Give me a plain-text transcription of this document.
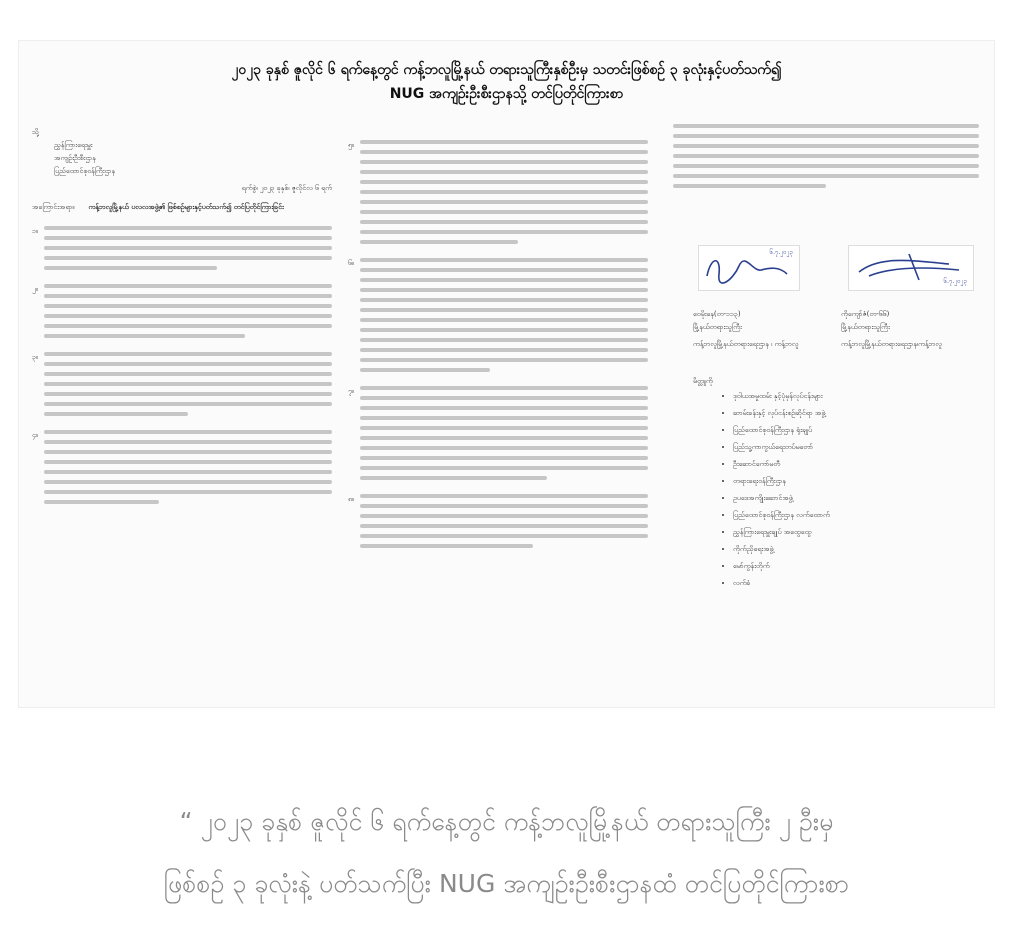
၂၀၂၃ ခုနှစ် ဇူလိုင် ၆ ရက်နေ့တွင် ကန့်ဘလူမြို့နယ် တရားသူကြီးနှစ်ဦးမှ သတင်းဖြစ်စဉ် ၃ ခုလုံးနှင့်ပတ်သက်၍
NUG အကျဉ်းဦးစီးဌာနသို့ တင်ပြတိုင်ကြားစာ
သို့
ညွှန်ကြားရေးမှူး
အကျဉ်းဦးစီးဌာန
ပြည်ထောင်စုဝန်ကြီးဌာန
ရက်စွဲ၊ ၂၀၂၃ ခုနှစ်၊ ဇူလိုင်လ ၆ ရက်
အကြောင်းအရာ။ ကန့်ဘလူမြို့နယ် ပလလအဖွဲ့၏ ဖြစ်စဉ်များနှင့်ပတ်သက်၍ တင်ပြတိုင်ကြားခြင်း
၁။
၂။
၃။
၄။
၅။
၆။
၇။
၈။
၆.၇.၂၀၂၃
၆.၇.၂၀၂၃
ဝေမိုးနေ(တ-၁၁၃)
မြို့နယ်တရားသူကြီး
ကန့်ဘလူမြို့နယ်တရားရေးဌာန ၊ ကန့်ဘလူ
ကိုကျော်ဇံ(တ-၆၆)
မြို့နယ်တရားသူကြီး
ကန့်ဘလူမြို့နယ်တရားရေးဌာန၊ကန့်ဘလူ
မိတ္တူကို
• ဒုဝါယအမှုထမ်း နှင့်ပုံမှန်လုပ်ငန်းများ
• ဆာမ်းခန်းနှင့် လုပ်ငန်းစဉ်ဆိုင်ရာ အဖွဲ့
• ပြည်ထောင်စုဝန်ကြီးဌာန ရုံးချုပ်
• ပြည်သူ့ကာကွယ်ရေးတပ်မတော်
• ဦးဆောင်ကော်မတီ
• တရားရေးဝန်ကြီးဌာန
• ဥပဒေအကျိုးဆောင်အဖွဲ့
• ပြည်ထောင်စုဝန်ကြီးဌာန လက်ထောက်
• ညွှန်ကြားရေးမှူးချုပ် အထွေထွေ
• ကိုက်ညှိရေးအဖွဲ့
• မော်ကွန်းတိုက်
• လက်ခံ
“ ၂၀၂၃ ခုနှစ် ဇူလိုင် ၆ ရက်နေ့တွင် ကန့်ဘလူမြို့နယ် တရားသူကြီး ၂ ဦးမှ
ဖြစ်စဉ် ၃ ခုလုံးနဲ့ ပတ်သက်ပြီး NUG အကျဉ်းဦးစီးဌာနထံ တင်ပြတိုင်ကြားစာ
